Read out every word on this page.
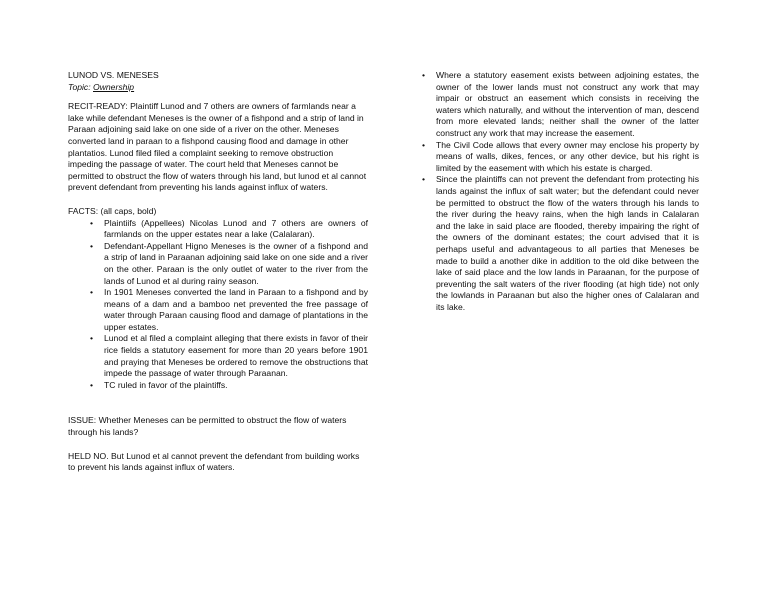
LUNOD VS. MENESES
Topic: Ownership

RECIT-READY: Plaintiff Lunod and 7 others are owners of farmlands near a lake while defendant Meneses is the owner of a fishpond and a strip of land in Paraan adjoining said lake on one side of a river on the other. Meneses converted land in paraan to a fishpond causing flood and damage in other plantatios. Lunod filed filed a complaint seeking to remove obstruction impeding the passage of water. The court held that Meneses cannot be permitted to obstruct the flow of waters through his land, but lunod et al cannot prevent defendant from preventing his lands against influx of waters.

FACTS: (all caps, bold)

• Plaintiifs (Appellees) Nicolas Lunod and 7 others are owners of farmlands on the upper estates near a lake (Calalaran).
• Defendant-Appellant Higno Meneses is the owner of a fishpond and a strip of land in Paraanan adjoining said lake on one side and a river on the other. Paraan is the only outlet of water to the river from the lands of Lunod et al during rainy season.
• In 1901 Meneses converted the land in Paraan to a fishpond and by means of a dam and a bamboo net prevented the free passage of water through Paraan causing flood and damage of plantations in the upper estates.
• Lunod et al filed a complaint alleging that there exists in favor of their rice fields a statutory easement for more than 20 years before 1901 and praying that Meneses be ordered to remove the obstructions that impede the passage of water through Paraanan.
• TC ruled in favor of the plaintiffs.

ISSUE: Whether Meneses can be permitted to obstruct the flow of waters through his lands?

HELD NO. But Lunod et al cannot prevent the defendant from building works to prevent his lands against influx of waters.

• Where a statutory easement exists between adjoining estates, the owner of the lower lands must not construct any work that may impair or obstruct an easement which consists in receiving the waters which naturally, and without the intervention of man, descend from more elevated lands; neither shall the owner of the latter construct any work that may increase the easement.
• The Civil Code allows that every owner may enclose his property by means of walls, dikes, fences, or any other device, but his right is limited by the easement with which his estate is charged.
• Since the plaintiffs can not prevent the defendant from protecting his lands against the influx of salt water; but the defendant could never be permitted to obstruct the flow of the waters through his lands to the river during the heavy rains, when the high lands in Calalaran and the lake in said place are flooded, thereby impairing the right of the owners of the dominant estates; the court advised that it is perhaps useful and advantageous to all parties that Meneses be made to build a another dike in addition to the old dike between the lake of said place and the low lands in Paraanan, for the purpose of preventing the salt waters of the river flooding (at high tide) not only the lowlands in Paraanan but also the higher ones of Calalaran and its lake.
